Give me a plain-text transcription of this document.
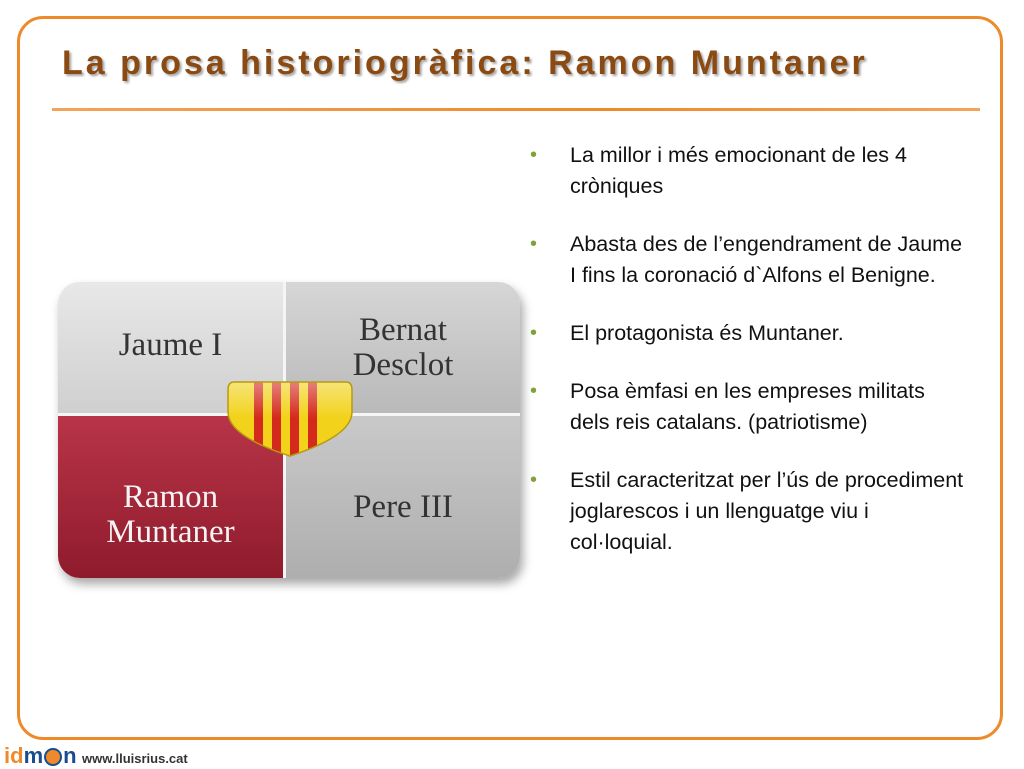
La prosa historiogràfica: Ramon Muntaner
Jaume I	Bernat Desclot
Ramon Muntaner
Pere III
• La millor i més emocionant de les 4 cròniques
• Abasta des de l’engendrament de Jaume I fins la coronació d`Alfons el Benigne.
• El protagonista és Muntaner.
• Posa èmfasi en les empreses militats dels reis catalans. (patriotisme)
• Estil caracteritzat per l’ús de procediment joglarescos i un llenguatge viu i col·loquial.
id m n www.lluisrius.cat
